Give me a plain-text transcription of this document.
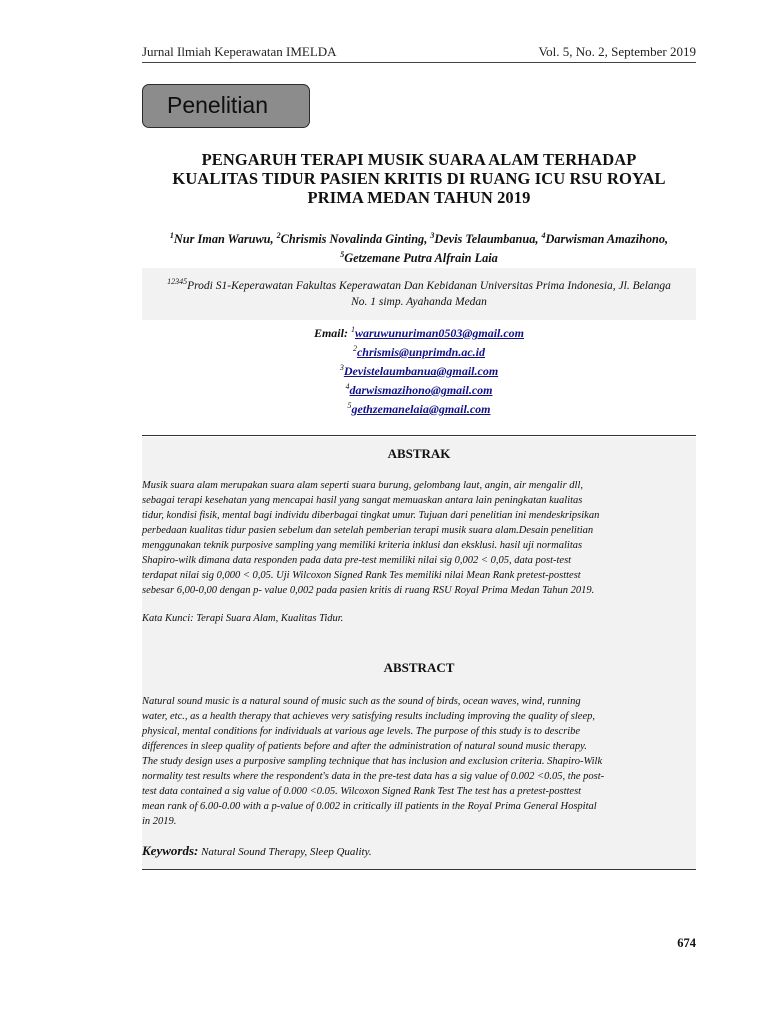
Jurnal Ilmiah Keperawatan IMELDA	Vol. 5, No. 2, September 2019
Penelitian
PENGARUH TERAPI MUSIK SUARA ALAM TERHADAP
KUALITAS TIDUR PASIEN KRITIS DI RUANG ICU RSU ROYAL
PRIMA MEDAN TAHUN 2019
$^1$Nur Iman Waruwu, $^2$Chrismis Novalinda Ginting, $^3$Devis Telaumbanua, $^4$Darwisman Amazihono,
$^5$Getzemane Putra Alfrain Laia
$^{12345}$Prodi S1-Keperawatan Fakultas Keperawatan Dan Kebidanan Universitas Prima Indonesia, Jl. Belanga
No. 1 simp. Ayahanda Medan
Email: $^1$waruwunuriman0503@gmail.com
$^2$chrismis@unprimdn.ac.id
$^3$Devistelaumbanua@gmail.com
$^4$darwismazihono@gmail.com
$^5$gethzemanelaia@gmail.com
ABSTRAK
Musik suara alam merupakan suara alam seperti suara burung, gelombang laut, angin, air mengalir dll,
sebagai terapi kesehatan yang mencapai hasil yang sangat memuaskan antara lain peningkatan kualitas
tidur, kondisi fisik, mental bagi individu diberbagai tingkat umur. Tujuan dari penelitian ini mendeskripsikan
perbedaan kualitas tidur pasien sebelum dan setelah pemberian terapi musik suara alam.Desain penelitian
menggunakan teknik purposive sampling yang memiliki kriteria inklusi dan eksklusi. hasil uji normalitas
Shapiro-wilk dimana data responden pada data pre-test memiliki nilai sig 0,002 < 0,05, data post-test
terdapat nilai sig 0,000 < 0,05. Uji Wilcoxon Signed Rank Tes memiliki nilai Mean Rank pretest-posttest
sebesar 6,00-0,00 dengan p- value 0,002 pada pasien kritis di ruang RSU Royal Prima Medan Tahun 2019.
Kata Kunci: Terapi Suara Alam, Kualitas Tidur.
ABSTRACT
Natural sound music is a natural sound of music such as the sound of birds, ocean waves, wind, running
water, etc., as a health therapy that achieves very satisfying results including improving the quality of sleep,
physical, mental conditions for individuals at various age levels. The purpose of this study is to describe
differences in sleep quality of patients before and after the administration of natural sound music therapy.
The study design uses a purposive sampling technique that has inclusion and exclusion criteria. Shapiro-Wilk
normality test results where the respondent's data in the pre-test data has a sig value of 0.002 <0.05, the post-
test data contained a sig value of 0.000 <0.05. Wilcoxon Signed Rank Test The test has a pretest-posttest
mean rank of 6.00-0.00 with a p-value of 0.002 in critically ill patients in the Royal Prima General Hospital
in 2019.
Keywords: Natural Sound Therapy, Sleep Quality.
674
